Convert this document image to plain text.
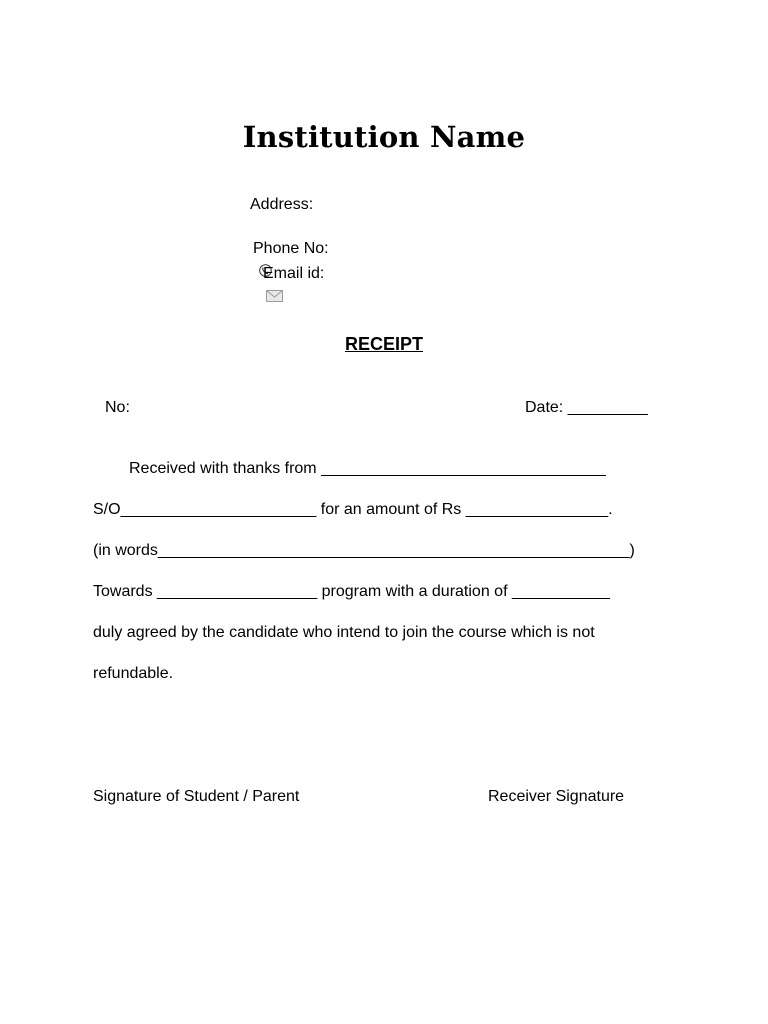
Institution Name
Address:

Phone No:

Email id:
RECEIPT
No:	Date: _________
Received with thanks from ________________________________
S/O______________________ for an amount of Rs ________________.
(in words_____________________________________________________)
Towards __________________ program with a duration of ___________
duly agreed by the candidate who intend to join the course which is not
refundable.
Signature of Student / Parent	Receiver Signature
